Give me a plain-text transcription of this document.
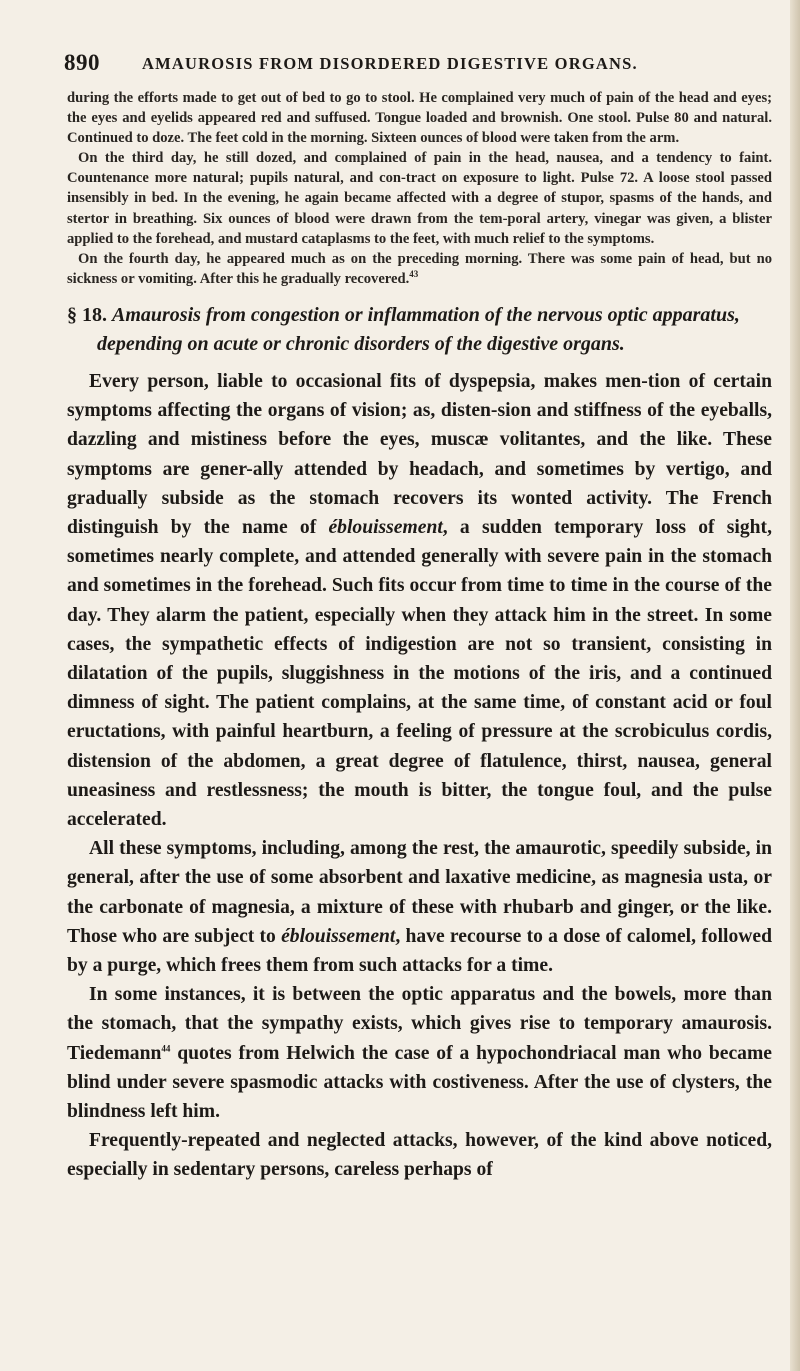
890	AMAUROSIS FROM DISORDERED DIGESTIVE ORGANS.

during the efforts made to get out of bed to go to stool. He complained very much of pain of the head and eyes; the eyes and eyelids appeared red and suffused. Tongue loaded and brownish. One stool. Pulse 80 and natural. Continued to doze. The feet cold in the morning. Sixteen ounces of blood were taken from the arm.

On the third day, he still dozed, and complained of pain in the head, nausea, and a tendency to faint. Countenance more natural; pupils natural, and con-tract on exposure to light. Pulse 72. A loose stool passed insensibly in bed. In the evening, he again became affected with a degree of stupor, spasms of the hands, and stertor in breathing. Six ounces of blood were drawn from the tem-poral artery, vinegar was given, a blister applied to the forehead, and mustard cataplasms to the feet, with much relief to the symptoms.

On the fourth day, he appeared much as on the preceding morning. There was some pain of head, but no sickness or vomiting. After this he gradually recovered.$^{43}$

§ 18. Amaurosis from congestion or inflammation of the nervous optic apparatus, depending on acute or chronic disorders of the digestive organs.

Every person, liable to occasional fits of dyspepsia, makes men-tion of certain symptoms affecting the organs of vision; as, disten-sion and stiffness of the eyeballs, dazzling and mistiness before the eyes, muscæ volitantes, and the like. These symptoms are gener-ally attended by headach, and sometimes by vertigo, and gradually subside as the stomach recovers its wonted activity. The French distinguish by the name of éblouissement, a sudden temporary loss of sight, sometimes nearly complete, and attended generally with severe pain in the stomach and sometimes in the forehead. Such fits occur from time to time in the course of the day. They alarm the patient, especially when they attack him in the street. In some cases, the sympathetic effects of indigestion are not so transient, consisting in dilatation of the pupils, sluggishness in the motions of the iris, and a continued dimness of sight. The patient complains, at the same time, of constant acid or foul eructations, with painful heartburn, a feeling of pressure at the scrobiculus cordis, distension of the abdomen, a great degree of flatulence, thirst, nausea, general uneasiness and restlessness; the mouth is bitter, the tongue foul, and the pulse accelerated.

All these symptoms, including, among the rest, the amaurotic, speedily subside, in general, after the use of some absorbent and laxative medicine, as magnesia usta, or the carbonate of magnesia, a mixture of these with rhubarb and ginger, or the like. Those who are subject to éblouissement, have recourse to a dose of calomel, followed by a purge, which frees them from such attacks for a time.

In some instances, it is between the optic apparatus and the bowels, more than the stomach, that the sympathy exists, which gives rise to temporary amaurosis. Tiedemann$^{44}$ quotes from Helwich the case of a hypochondriacal man who became blind under severe spasmodic attacks with costiveness. After the use of clysters, the blindness left him.

Frequently-repeated and neglected attacks, however, of the kind above noticed, especially in sedentary persons, careless perhaps of
